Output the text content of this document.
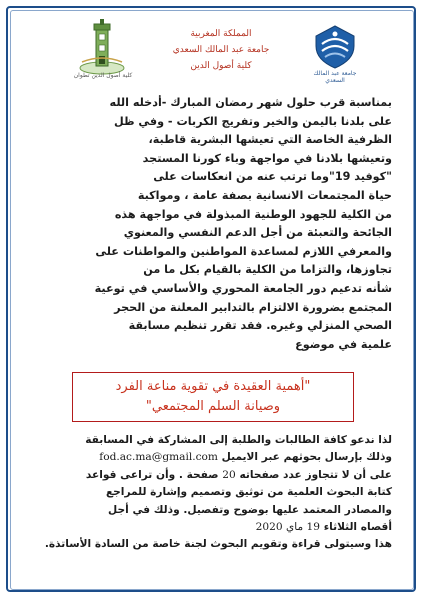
كلية أصول الدين تطوان
المملكة المغربية
جامعة عبد المالك السعدي
كلية أصول الدين
جامعة عبد المالك السعدي
بمناسبة قرب حلول شهر رمضان المبارك -أدخله الله
على بلدنا باليمن والخير وتفريج الكربات - وفي ظل
الظرفية الخاصة التي تعيشها البشرية قاطبة،
وتعيشها بلادنا في مواجهة وباء كورنا المستجد
"كوفيد 19"وما ترتب عنه من انعكاسات على
حياة المجتمعات الانسانية بصفة عامة ، ومواكبة
من الكلية للجهود الوطنية المبذولة في مواجهة هذه
الجائحة والتعبئة من أجل الدعم النفسي والمعنوي
والمعرفي اللازم لمساعدة المواطنين والمواطنات على
تجاوزها، والتزاما من الكلية بالقيام بكل ما من
شأنه تدعيم دور الجامعة المحوري والأساسي في توعية
المجتمع بضرورة الالتزام بالتدابير المعلنة من الحجر
الصحي المنزلي وغيره. فقد تقرر تنظيم مسابقة
علمية في موضوع
"أهمية العقيدة في تقوية مناعة الفرد
وصيانة السلم المجتمعي"
لذا ندعو كافة الطالبات والطلبة إلى المشاركة في المسابقة
وذلك بإرسال بحوثهم عبر الايميل fod.ac.ma@gmail.com
على أن لا تتجاوز عدد صفحاته 20 صفحة . وأن تراعى قواعد
كتابة البحوث العلمية من توثيق وتصميم وإشارة للمراجع
والمصادر المعتمد عليها بوضوح وتفصيل. وذلك في أجل
أقصاه الثلاثاء 19 ماي 2020
هذا وسيتولى قراءة وتقويم البحوث لجنة خاصة من السادة الأساتذة.
